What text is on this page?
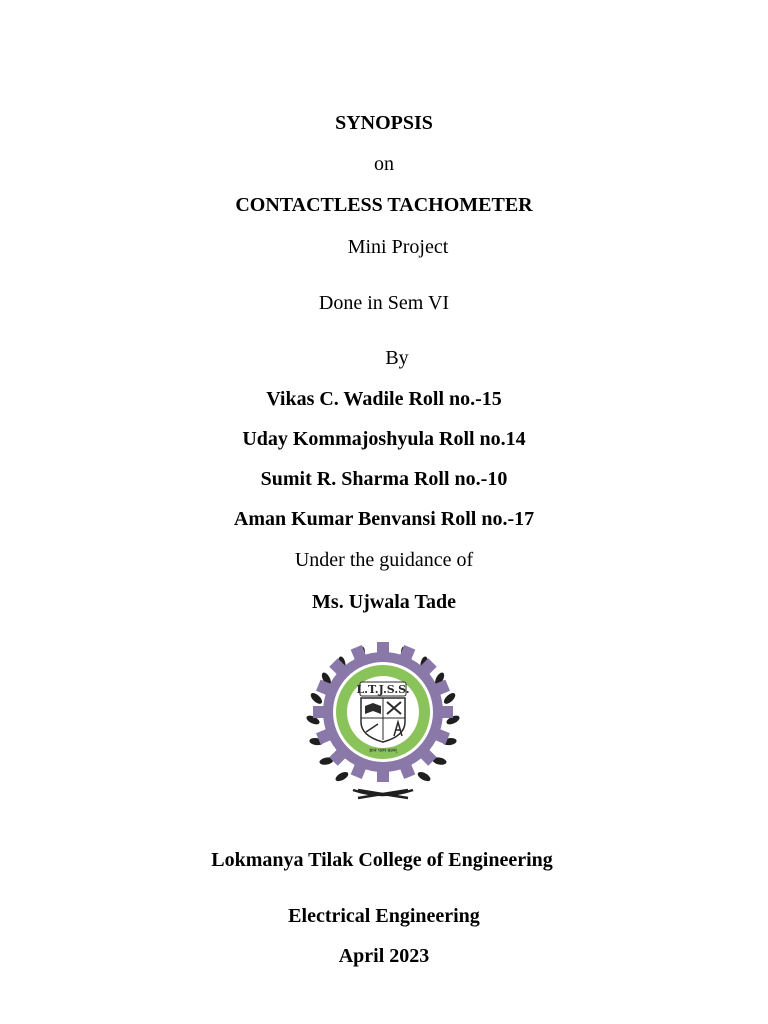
SYNOPSIS
on
CONTACTLESS TACHOMETER
Mini Project
Done in Sem VI
By
Vikas C. Wadile Roll no.-15
Uday Kommajoshyula Roll no.14
Sumit R. Sharma Roll no.-10
Aman Kumar Benvansi Roll no.-17
Under the guidance of
Ms. Ujwala Tade
L.T.J.S.S.
ज्ञानं परमं बलम्
Lokmanya Tilak College of Engineering
Electrical Engineering
April 2023
